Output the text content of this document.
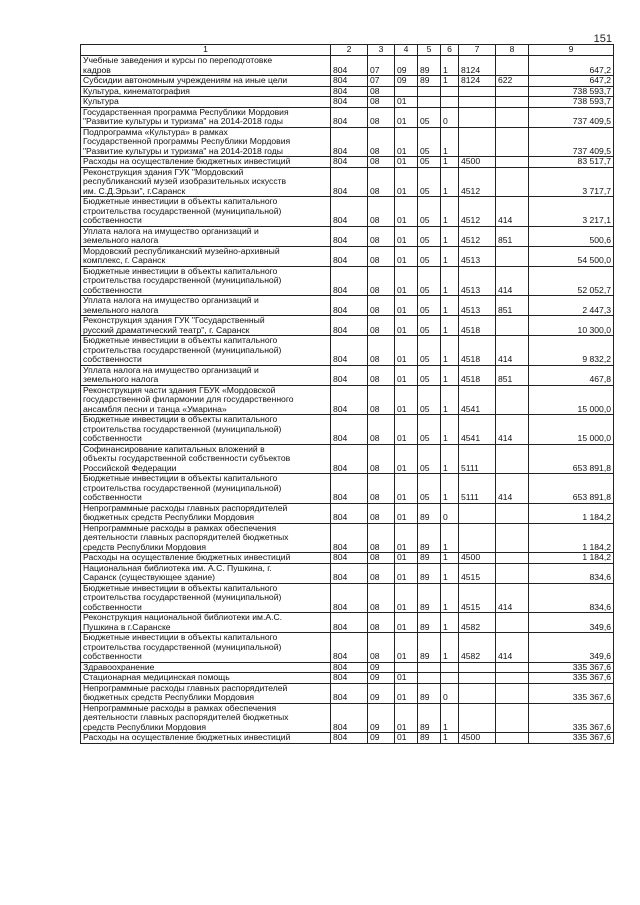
151
1	2	3	4	5	6	7	8	9
Учебные заведения и курсы по переподготовке
кадров	804	07	09	89	1	8124		647,2
Субсидии автономным учреждениям на иные цели	804	07	09	89	1	8124	622	647,2
Культура, кинематография	804	08						738 593,7
Культура	804	08	01					738 593,7
Государственная программа Республики Мордовия
"Развитие культуры и туризма" на 2014-2018 годы	804	08	01	05	0			737 409,5
Подпрограмма «Культура» в рамках
Государственной программы Республики Мордовия
"Развитие культуры и туризма" на 2014-2018 годы	804	08	01	05	1			737 409,5
Расходы на осуществление бюджетных инвестиций	804	08	01	05	1	4500		83 517,7
Реконструкция здания ГУК "Мордовский
республиканский музей изобразительных искусств
им. С.Д.Эрьзи", г.Саранск	804	08	01	05	1	4512		3 717,7
Бюджетные инвестиции в объекты капитального
строительства государственной (муниципальной)
собственности	804	08	01	05	1	4512	414	3 217,1
Уплата налога на имущество организаций и
земельного налога	804	08	01	05	1	4512	851	500,6
Мордовский республиканский музейно-архивный
комплекс, г. Саранск	804	08	01	05	1	4513		54 500,0
Бюджетные инвестиции в объекты капитального
строительства государственной (муниципальной)
собственности	804	08	01	05	1	4513	414	52 052,7
Уплата налога на имущество организаций и
земельного налога	804	08	01	05	1	4513	851	2 447,3
Реконструкция здания ГУК "Государственный
русский драматический театр", г. Саранск	804	08	01	05	1	4518		10 300,0
Бюджетные инвестиции в объекты капитального
строительства государственной (муниципальной)
собственности	804	08	01	05	1	4518	414	9 832,2
Уплата налога на имущество организаций и
земельного налога	804	08	01	05	1	4518	851	467,8
Реконструкция части здания ГБУК «Мордовской
государственной филармонии для государственного
ансамбля песни и танца «Умарина»	804	08	01	05	1	4541		15 000,0
Бюджетные инвестиции в объекты капитального
строительства государственной (муниципальной)
собственности	804	08	01	05	1	4541	414	15 000,0
Софинансирование капитальных вложений в
объекты государственной собственности субъектов
Российской Федерации	804	08	01	05	1	5111		653 891,8
Бюджетные инвестиции в объекты капитального
строительства государственной (муниципальной)
собственности	804	08	01	05	1	5111	414	653 891,8
Непрограммные расходы главных распорядителей
бюджетных средств Республики Мордовия	804	08	01	89	0			1 184,2
Непрограммные расходы в рамках обеспечения
деятельности главных распорядителей бюджетных
средств Республики Мордовия	804	08	01	89	1			1 184,2
Расходы на осуществление бюджетных инвестиций	804	08	01	89	1	4500		1 184,2
Национальная библиотека им. А.С. Пушкина, г.
Саранск (существующее здание)	804	08	01	89	1	4515		834,6
Бюджетные инвестиции в объекты капитального
строительства государственной (муниципальной)
собственности	804	08	01	89	1	4515	414	834,6
Реконструкция национальной библиотеки им.А.С.
Пушкина в г.Саранске	804	08	01	89	1	4582		349,6
Бюджетные инвестиции в объекты капитального
строительства государственной (муниципальной)
собственности	804	08	01	89	1	4582	414	349,6
Здравоохранение	804	09						335 367,6
Стационарная медицинская помощь	804	09	01					335 367,6
Непрограммные расходы главных распорядителей
бюджетных средств Республики Мордовия	804	09	01	89	0			335 367,6
Непрограммные расходы в рамках обеспечения
деятельности главных распорядителей бюджетных
средств Республики Мордовия	804	09	01	89	1			335 367,6
Расходы на осуществление бюджетных инвестиций	804	09	01	89	1	4500		335 367,6
